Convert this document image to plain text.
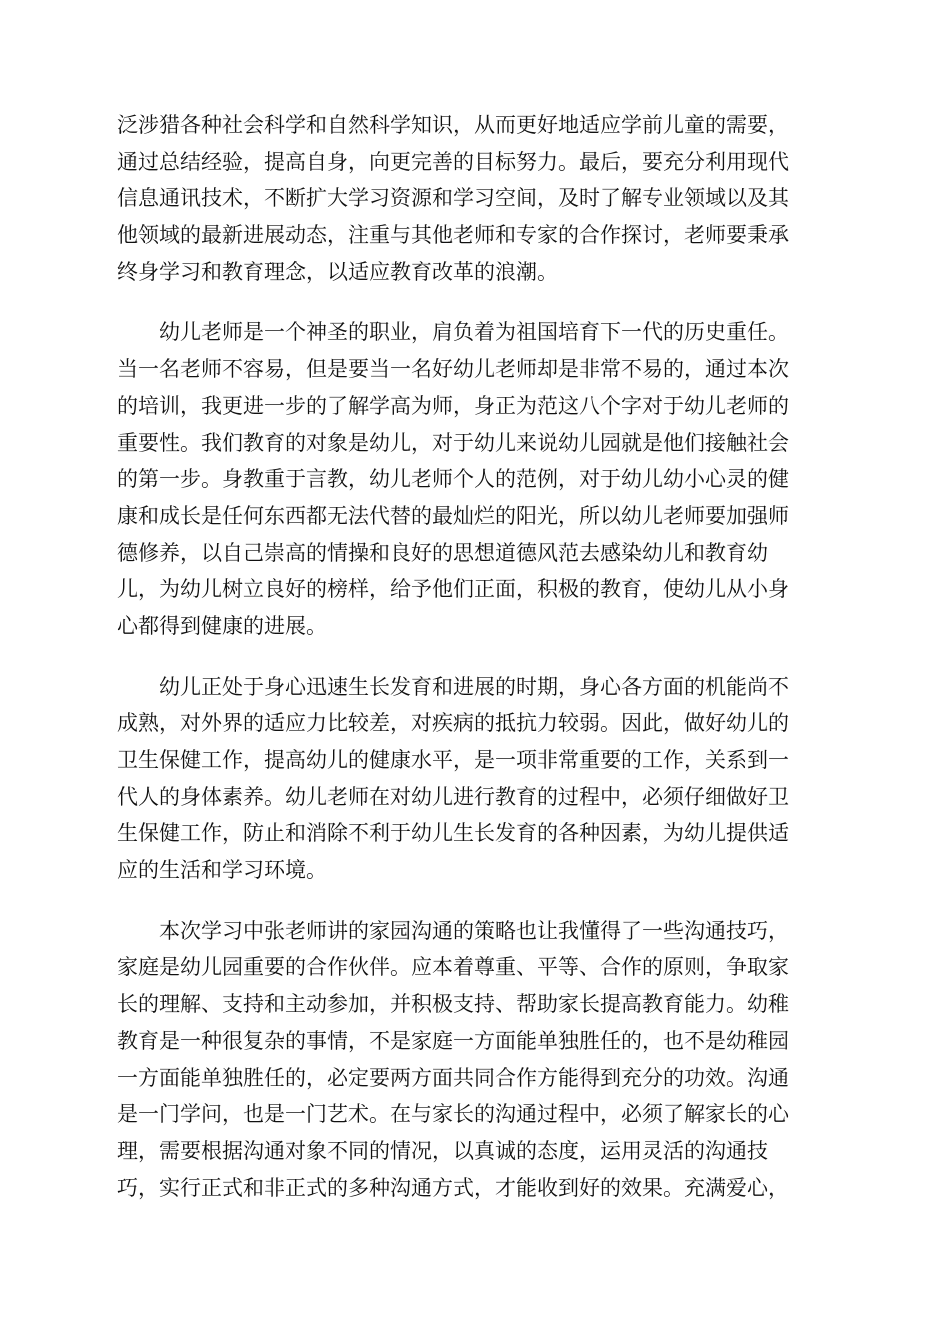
泛涉猎各种社会科学和自然科学知识，从而更好地适应学前儿童的需要，
通过总结经验，提高自身，向更完善的目标努力。最后，要充分利用现代
信息通讯技术，不断扩大学习资源和学习空间，及时了解专业领域以及其
他领域的最新进展动态，注重与其他老师和专家的合作探讨，老师要秉承
终身学习和教育理念，以适应教育改革的浪潮。
幼儿老师是一个神圣的职业，肩负着为祖国培育下一代的历史重任。
当一名老师不容易，但是要当一名好幼儿老师却是非常不易的，通过本次
的培训，我更进一步的了解学高为师，身正为范这八个字对于幼儿老师的
重要性。我们教育的对象是幼儿，对于幼儿来说幼儿园就是他们接触社会
的第一步。身教重于言教，幼儿老师个人的范例，对于幼儿幼小心灵的健
康和成长是任何东西都无法代替的最灿烂的阳光，所以幼儿老师要加强师
德修养，以自己崇高的情操和良好的思想道德风范去感染幼儿和教育幼
儿，为幼儿树立良好的榜样，给予他们正面，积极的教育，使幼儿从小身
心都得到健康的进展。
幼儿正处于身心迅速生长发育和进展的时期，身心各方面的机能尚不
成熟，对外界的适应力比较差，对疾病的抵抗力较弱。因此，做好幼儿的
卫生保健工作，提高幼儿的健康水平，是一项非常重要的工作，关系到一
代人的身体素养。幼儿老师在对幼儿进行教育的过程中，必须仔细做好卫
生保健工作，防止和消除不利于幼儿生长发育的各种因素，为幼儿提供适
应的生活和学习环境。
本次学习中张老师讲的家园沟通的策略也让我懂得了一些沟通技巧，
家庭是幼儿园重要的合作伙伴。应本着尊重、平等、合作的原则，争取家
长的理解、支持和主动参加，并积极支持、帮助家长提高教育能力。幼稚
教育是一种很复杂的事情，不是家庭一方面能单独胜任的，也不是幼稚园
一方面能单独胜任的，必定要两方面共同合作方能得到充分的功效。沟通
是一门学问，也是一门艺术。在与家长的沟通过程中，必须了解家长的心
理，需要根据沟通对象不同的情况，以真诚的态度，运用灵活的沟通技
巧，实行正式和非正式的多种沟通方式，才能收到好的效果。充满爱心，
